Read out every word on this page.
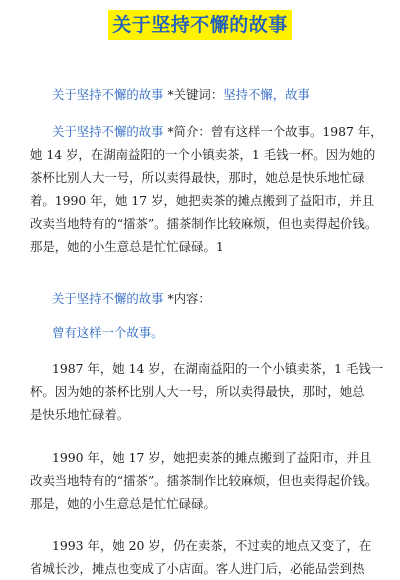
关于坚持不懈的故事
关于坚持不懈的故事 *关键词：坚持不懈，故事
关于坚持不懈的故事 *简介：曾有这样一个故事。1987 年，
她 14 岁，在湖南益阳的一个小镇卖茶，1 毛钱一杯。因为她的
茶杯比别人大一号，所以卖得最快，那时，她总是快乐地忙碌
着。1990 年，她 17 岁，她把卖茶的摊点搬到了益阳市，并且
改卖当地特有的“擂茶”。擂茶制作比较麻烦，但也卖得起价钱。
那是，她的小生意总是忙忙碌碌。1
关于坚持不懈的故事 *内容：
曾有这样一个故事。
1987 年，她 14 岁，在湖南益阳的一个小镇卖茶，1 毛钱一
杯。因为她的茶杯比别人大一号，所以卖得最快，那时，她总
是快乐地忙碌着。
1990 年，她 17 岁，她把卖茶的摊点搬到了益阳市，并且
改卖当地特有的“擂茶”。擂茶制作比较麻烦，但也卖得起价钱。
那是，她的小生意总是忙忙碌碌。
1993 年，她 20 岁，仍在卖茶，不过卖的地点又变了，在
省城长沙，摊点也变成了小店面。客人进门后，必能品尝到热
